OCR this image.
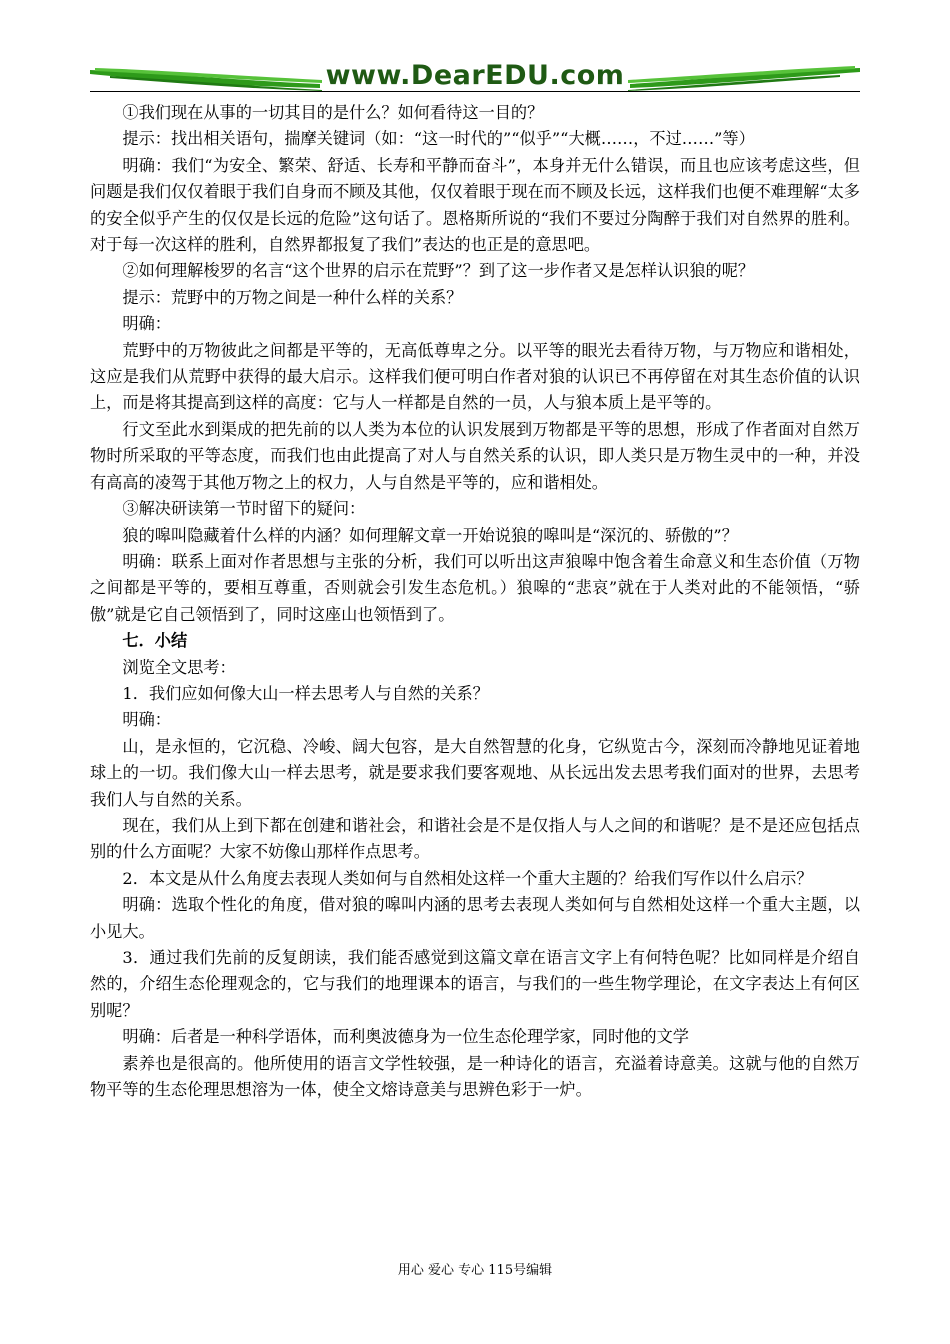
www.DearEDU.com

①我们现在从事的一切其目的是什么？如何看待这一目的？

提示：找出相关语句，揣摩关键词（如：“这一时代的”“似乎”“大概……，不过……”等）

明确：我们“为安全、繁荣、舒适、长寿和平静而奋斗”，本身并无什么错误，而且也应该考虑这些，但问题是我们仅仅着眼于我们自身而不顾及其他，仅仅着眼于现在而不顾及长远，这样我们也便不难理解“太多的安全似乎产生的仅仅是长远的危险”这句话了。恩格斯所说的“我们不要过分陶醉于我们对自然界的胜利。对于每一次这样的胜利，自然界都报复了我们”表达的也正是的意思吧。

②如何理解梭罗的名言“这个世界的启示在荒野”？到了这一步作者又是怎样认识狼的呢？

提示：荒野中的万物之间是一种什么样的关系？

明确：

荒野中的万物彼此之间都是平等的，无高低尊卑之分。以平等的眼光去看待万物，与万物应和谐相处，这应是我们从荒野中获得的最大启示。这样我们便可明白作者对狼的认识已不再停留在对其生态价值的认识上，而是将其提高到这样的高度：它与人一样都是自然的一员，人与狼本质上是平等的。

行文至此水到渠成的把先前的以人类为本位的认识发展到万物都是平等的思想，形成了作者面对自然万物时所采取的平等态度，而我们也由此提高了对人与自然关系的认识，即人类只是万物生灵中的一种，并没有高高的凌驾于其他万物之上的权力，人与自然是平等的，应和谐相处。

③解决研读第一节时留下的疑问：

狼的嗥叫隐藏着什么样的内涵？如何理解文章一开始说狼的嗥叫是“深沉的、骄傲的”？

明确：联系上面对作者思想与主张的分析，我们可以听出这声狼嗥中饱含着生命意义和生态价值（万物之间都是平等的，要相互尊重，否则就会引发生态危机。）狼嗥的“悲哀”就在于人类对此的不能领悟，“骄傲”就是它自己领悟到了，同时这座山也领悟到了。

七．小结

浏览全文思考：

1．我们应如何像大山一样去思考人与自然的关系？

明确：

山，是永恒的，它沉稳、冷峻、阔大包容，是大自然智慧的化身，它纵览古今，深刻而冷静地见证着地球上的一切。我们像大山一样去思考，就是要求我们要客观地、从长远出发去思考我们面对的世界，去思考我们人与自然的关系。

现在，我们从上到下都在创建和谐社会，和谐社会是不是仅指人与人之间的和谐呢？是不是还应包括点别的什么方面呢？大家不妨像山那样作点思考。

2．本文是从什么角度去表现人类如何与自然相处这样一个重大主题的？给我们写作以什么启示？

明确：选取个性化的角度，借对狼的嗥叫内涵的思考去表现人类如何与自然相处这样一个重大主题，以小见大。

3．通过我们先前的反复朗读，我们能否感觉到这篇文章在语言文字上有何特色呢？比如同样是介绍自然的，介绍生态伦理观念的，它与我们的地理课本的语言，与我们的一些生物学理论，在文字表达上有何区别呢？

明确：后者是一种科学语体，而利奥波德身为一位生态伦理学家，同时他的文学

素养也是很高的。他所使用的语言文学性较强，是一种诗化的语言，充溢着诗意美。这就与他的自然万物平等的生态伦理思想溶为一体，使全文熔诗意美与思辨色彩于一炉。

用心 爱心 专心 115号编辑
